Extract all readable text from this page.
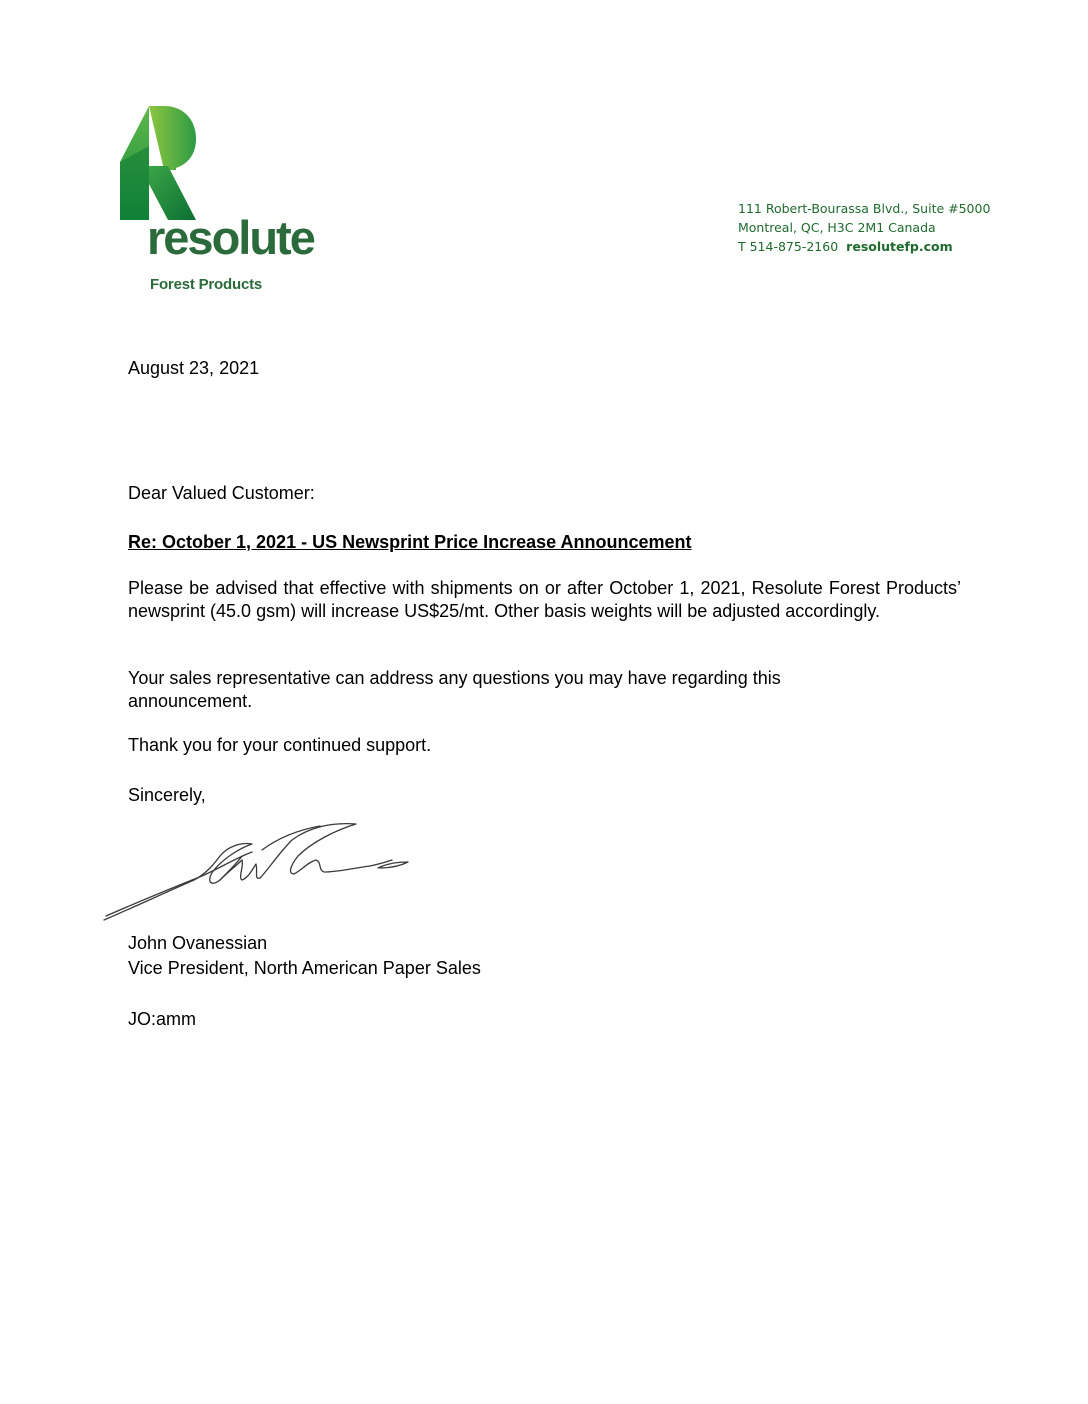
resolute
Forest Products
111 Robert-Bourassa Blvd., Suite #5000
Montreal, QC, H3C 2M1 Canada
T 514-875-2160 resolutefp.com
August 23, 2021
Dear Valued Customer:
Re: October 1, 2021 - US Newsprint Price Increase Announcement
Please be advised that effective with shipments on or after October 1, 2021, Resolute Forest Products’ newsprint (45.0 gsm) will increase US$25/mt. Other basis weights will be adjusted accordingly.
Your sales representative can address any questions you may have regarding this
announcement.
Thank you for your continued support.
Sincerely,
John Ovanessian
Vice President, North American Paper Sales
JO:amm
